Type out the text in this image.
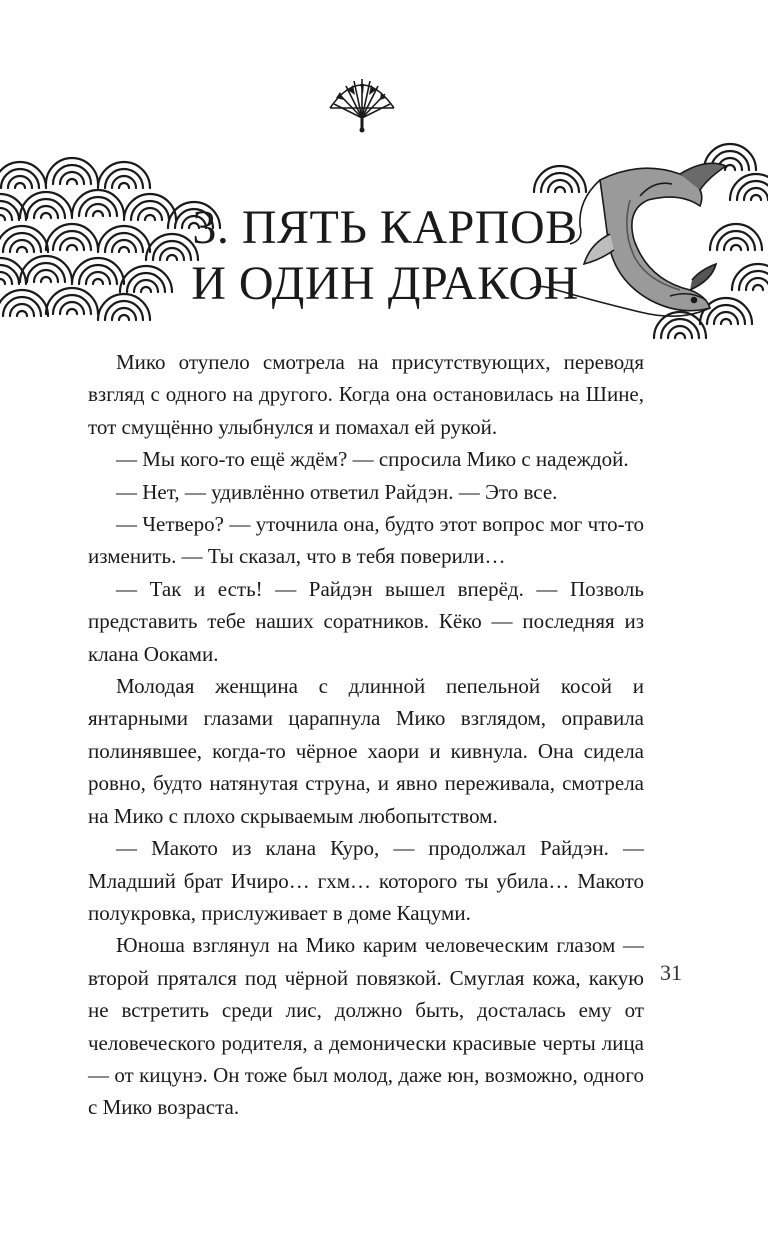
3. ПЯТЬ КАРПОВ
И ОДИН ДРАКОН

Мико отупело смотрела на присутствующих, переводя взгляд с одного на другого. Когда она остановилась на Шине, тот смущённо улыбнулся и помахал ей рукой.

— Мы кого-то ещё ждём? — спросила Мико с надеждой.

— Нет, — удивлённо ответил Райдэн. — Это все.

— Четверо? — уточнила она, будто этот вопрос мог что-то изменить. — Ты сказал, что в тебя поверили…

— Так и есть! — Райдэн вышел вперёд. — Позволь представить тебе наших соратников. Кёко — последняя из клана Ооками.

Молодая женщина с длинной пепельной косой и янтарными глазами царапнула Мико взглядом, оправила полинявшее, когда-то чёрное хаори и кивнула. Она сидела ровно, будто натянутая струна, и явно переживала, смотрела на Мико с плохо скрываемым любопытством.

— Макото из клана Куро, — продолжал Райдэн. — Младший брат Ичиро… гхм… которого ты убила… Макото полукровка, прислуживает в доме Кацуми.

Юноша взглянул на Мико карим человеческим глазом — второй прятался под чёрной повязкой. Смуглая кожа, какую не встретить среди лис, должно быть, досталась ему от человеческого родителя, а демонически красивые черты лица — от кицунэ. Он тоже был молод, даже юн, возможно, одного с Мико возраста.

31
